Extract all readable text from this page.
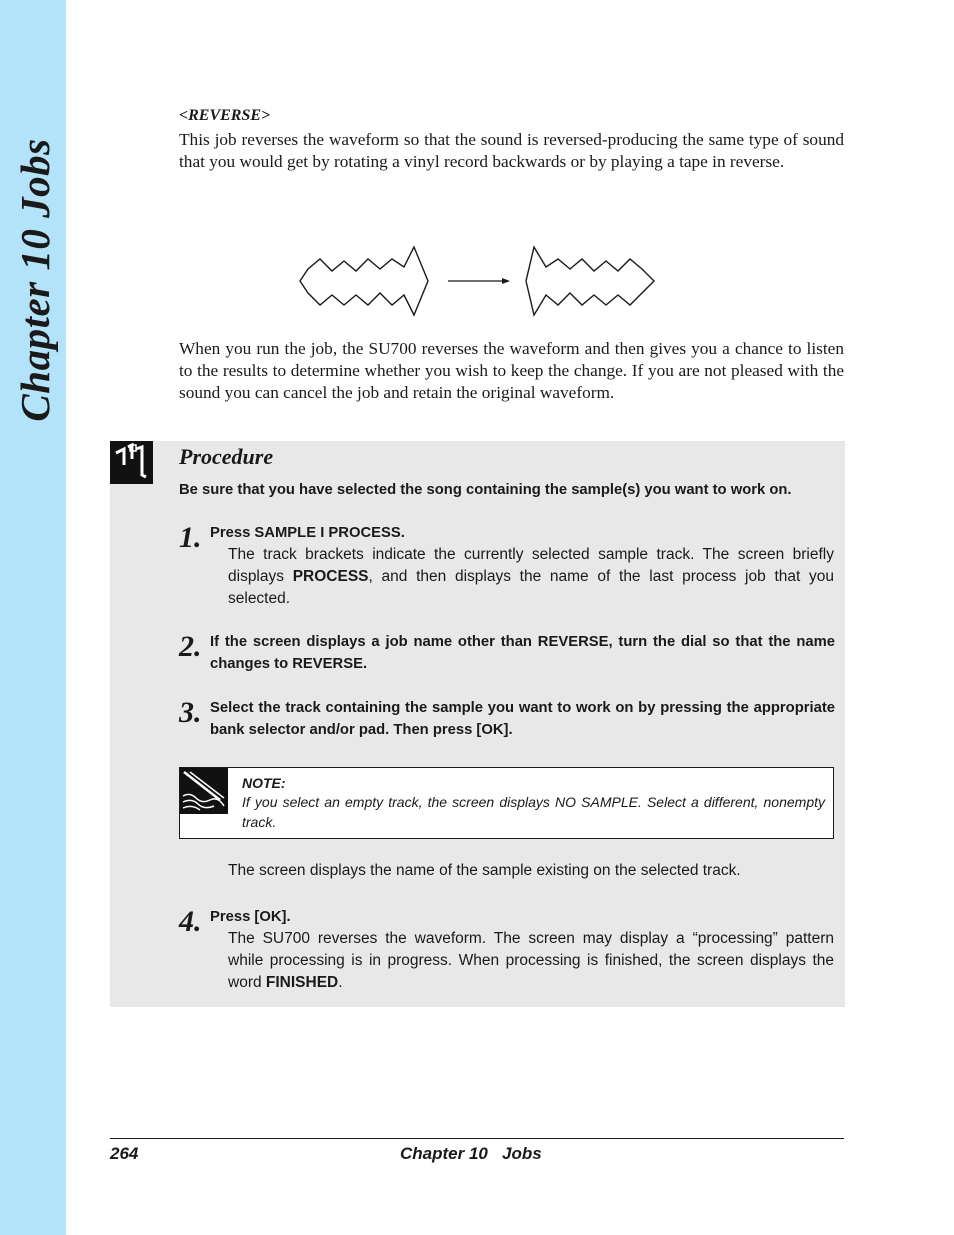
Chapter 10 Jobs
<REVERSE>

This job reverses the waveform so that the sound is reversed-producing the same type of sound that you would get by rotating a vinyl record backwards or by playing a tape in reverse.

When you run the job, the SU700 reverses the waveform and then gives you a chance to listen to the results to determine whether you wish to keep the change. If you are not pleased with the sound you can cancel the job and retain the original waveform.

Procedure
Be sure that you have selected the song containing the sample(s) you want to work on.
1. Press SAMPLE I PROCESS.
The track brackets indicate the currently selected sample track. The screen briefly displays PROCESS, and then displays the name of the last process job that you selected.
2. If the screen displays a job name other than REVERSE, turn the dial so that the name changes to REVERSE.
3. Select the track containing the sample you want to work on by pressing the appropriate bank selector and/or pad. Then press [OK].
NOTE:
If you select an empty track, the screen displays NO SAMPLE. Select a different, nonempty track.
The screen displays the name of the sample existing on the selected track.
4. Press [OK].
The SU700 reverses the waveform. The screen may display a “processing” pattern while processing is in progress. When processing is finished, the screen displays the word FINISHED.
264	Chapter 10   Jobs
